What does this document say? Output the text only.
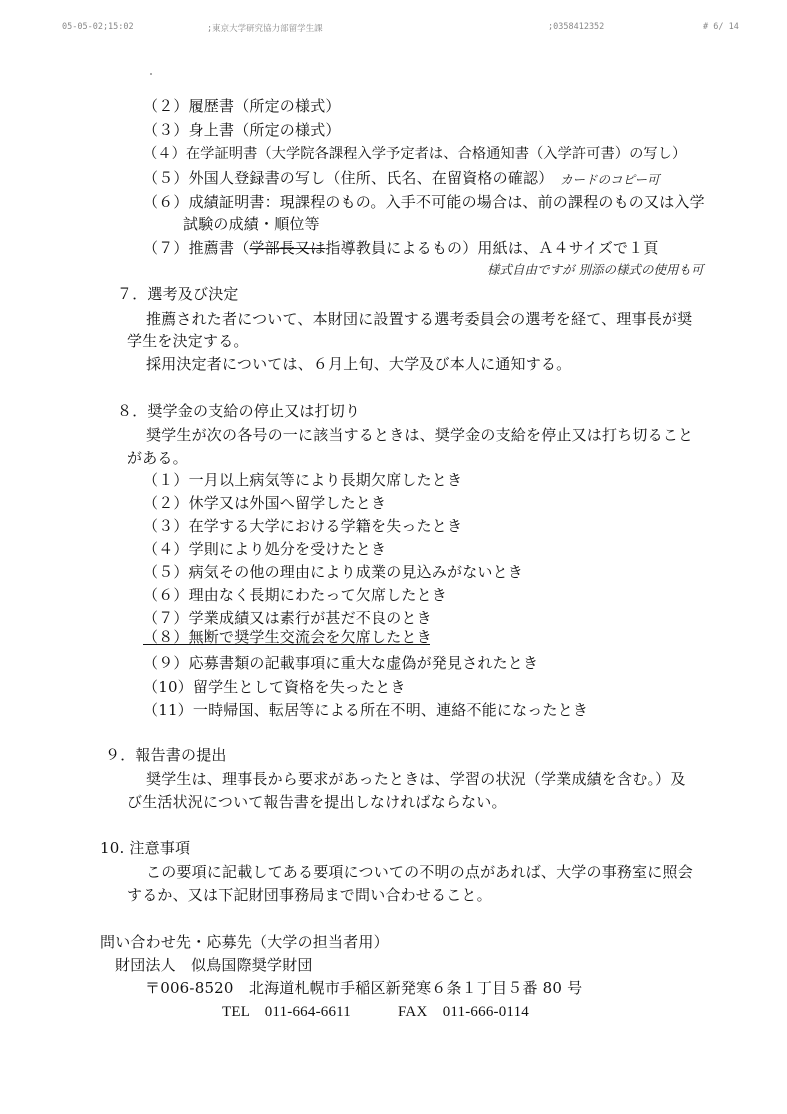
05-05-02;15:02	;東京大学研究協力部留学生課	;0358412352	# 6/ 14
（２）履歴書（所定の様式）
（３）身上書（所定の様式）
（４）在学証明書（大学院各課程入学予定者は、合格通知書（入学許可書）の写し）
（５）外国人登録書の写し（住所、氏名、在留資格の確認） カードのコピー可
（６）成績証明書：現課程のもの。入手不可能の場合は、前の課程のもの又は入学
試験の成績・順位等
（７）推薦書（学部長又は指導教員によるもの）用紙は、Ａ４サイズで１頁
様式自由ですが 別添の様式の使用も可
７．選考及び決定
推薦された者について、本財団に設置する選考委員会の選考を経て、理事長が奨
学生を決定する。
採用決定者については、６月上旬、大学及び本人に通知する。
８．奨学金の支給の停止又は打切り
奨学生が次の各号の一に該当するときは、奨学金の支給を停止又は打ち切ること
がある。
（１）一月以上病気等により長期欠席したとき
（２）休学又は外国へ留学したとき
（３）在学する大学における学籍を失ったとき
（４）学則により処分を受けたとき
（５）病気その他の理由により成業の見込みがないとき
（６）理由なく長期にわたって欠席したとき
（７）学業成績又は素行が甚だ不良のとき
（８）無断で奨学生交流会を欠席したとき
（９）応募書類の記載事項に重大な虚偽が発見されたとき
（10）留学生として資格を失ったとき
（11）一時帰国、転居等による所在不明、連絡不能になったとき
９．報告書の提出
奨学生は、理事長から要求があったときは、学習の状況（学業成績を含む。）及
び生活状況について報告書を提出しなければならない。
10. 注意事項
この要項に記載してある要項についての不明の点があれば、大学の事務室に照会
するか、又は下記財団事務局まで問い合わせること。
問い合わせ先・応募先（大学の担当者用）
財団法人　似鳥国際奨学財団
〒006-8520　北海道札幌市手稲区新発寒６条１丁目５番 80 号
TEL　011-664-6611	FAX　011-666-0114
